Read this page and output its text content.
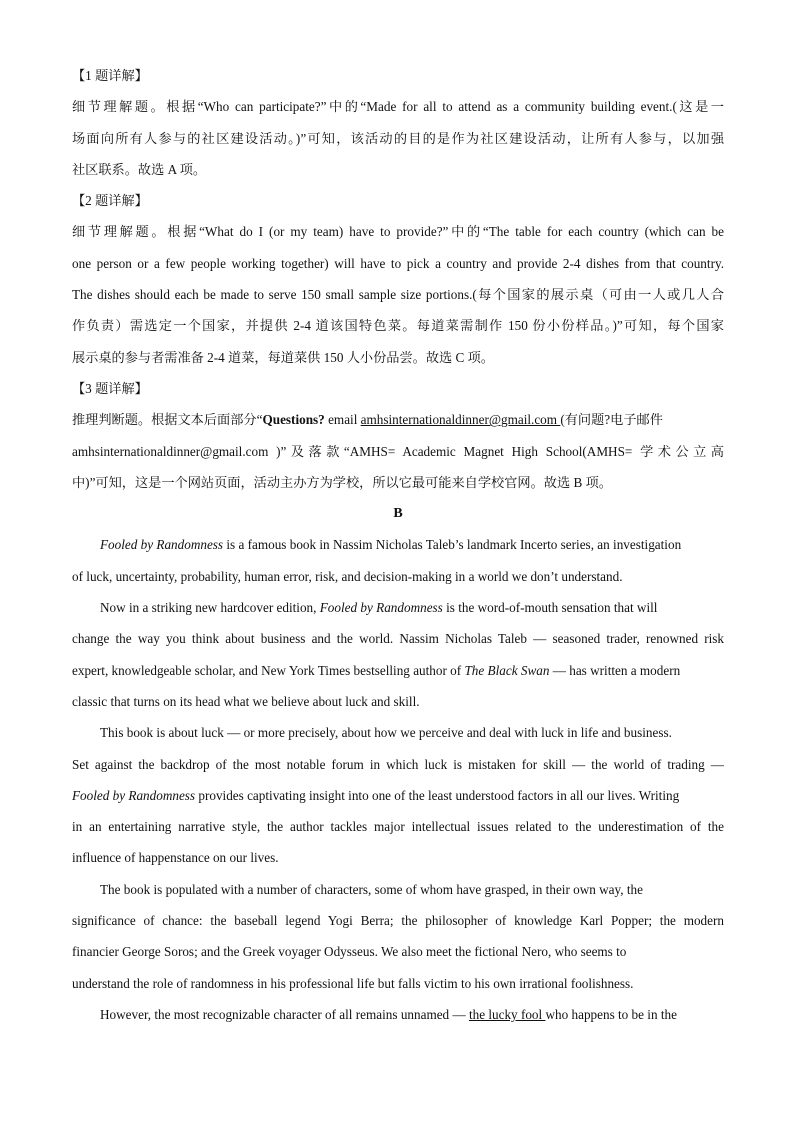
【1 题详解】

细节理解题。根据“Who can participate?”中的“Made for all to attend as a community building event.(这是一

场面向所有人参与的社区建设活动。)”可知，该活动的目的是作为社区建设活动，让所有人参与，以加强

社区联系。故选 A 项。

【2 题详解】

细节理解题。根据“What do I (or my team) have to provide?”中的“The table for each country (which can be

one person or a few people working together) will have to pick a country and provide 2-4 dishes from that country.

The dishes should each be made to serve 150 small sample size portions.(每个国家的展示桌（可由一人或几人合

作负责）需选定一个国家，并提供 2-4 道该国特色菜。每道菜需制作 150 份小份样品。)”可知，每个国家

展示桌的参与者需准备 2-4 道菜，每道菜供 150 人小份品尝。故选 C 项。

【3 题详解】

推理判断题。根据文本后面部分“Questions? email amhsinternationaldinner@gmail.com (有问题?电子邮件

amhsinternationaldinner@gmail.com )”及落款“AMHS= Academic Magnet High School(AMHS= 学术公立高

中)”可知，这是一个网站页面，活动主办方为学校，所以它最可能来自学校官网。故选 B 项。

B

Fooled by Randomness is a famous book in Nassim Nicholas Taleb’s landmark Incerto series, an investigation

of luck, uncertainty, probability, human error, risk, and decision-making in a world we don’t understand.

Now in a striking new hardcover edition, Fooled by Randomness is the word-of-mouth sensation that will

change the way you think about business and the world. Nassim Nicholas Taleb — seasoned trader, renowned risk

expert, knowledgeable scholar, and New York Times bestselling author of The Black Swan — has written a modern

classic that turns on its head what we believe about luck and skill.

This book is about luck — or more precisely, about how we perceive and deal with luck in life and business.

Set against the backdrop of the most notable forum in which luck is mistaken for skill — the world of trading —

Fooled by Randomness provides captivating insight into one of the least understood factors in all our lives. Writing

in an entertaining narrative style, the author tackles major intellectual issues related to the underestimation of the

influence of happenstance on our lives.

The book is populated with a number of characters, some of whom have grasped, in their own way, the

significance of chance: the baseball legend Yogi Berra; the philosopher of knowledge Karl Popper; the modern

financier George Soros; and the Greek voyager Odysseus. We also meet the fictional Nero, who seems to

understand the role of randomness in his professional life but falls victim to his own irrational foolishness.

However, the most recognizable character of all remains unnamed — the lucky fool who happens to be in the
